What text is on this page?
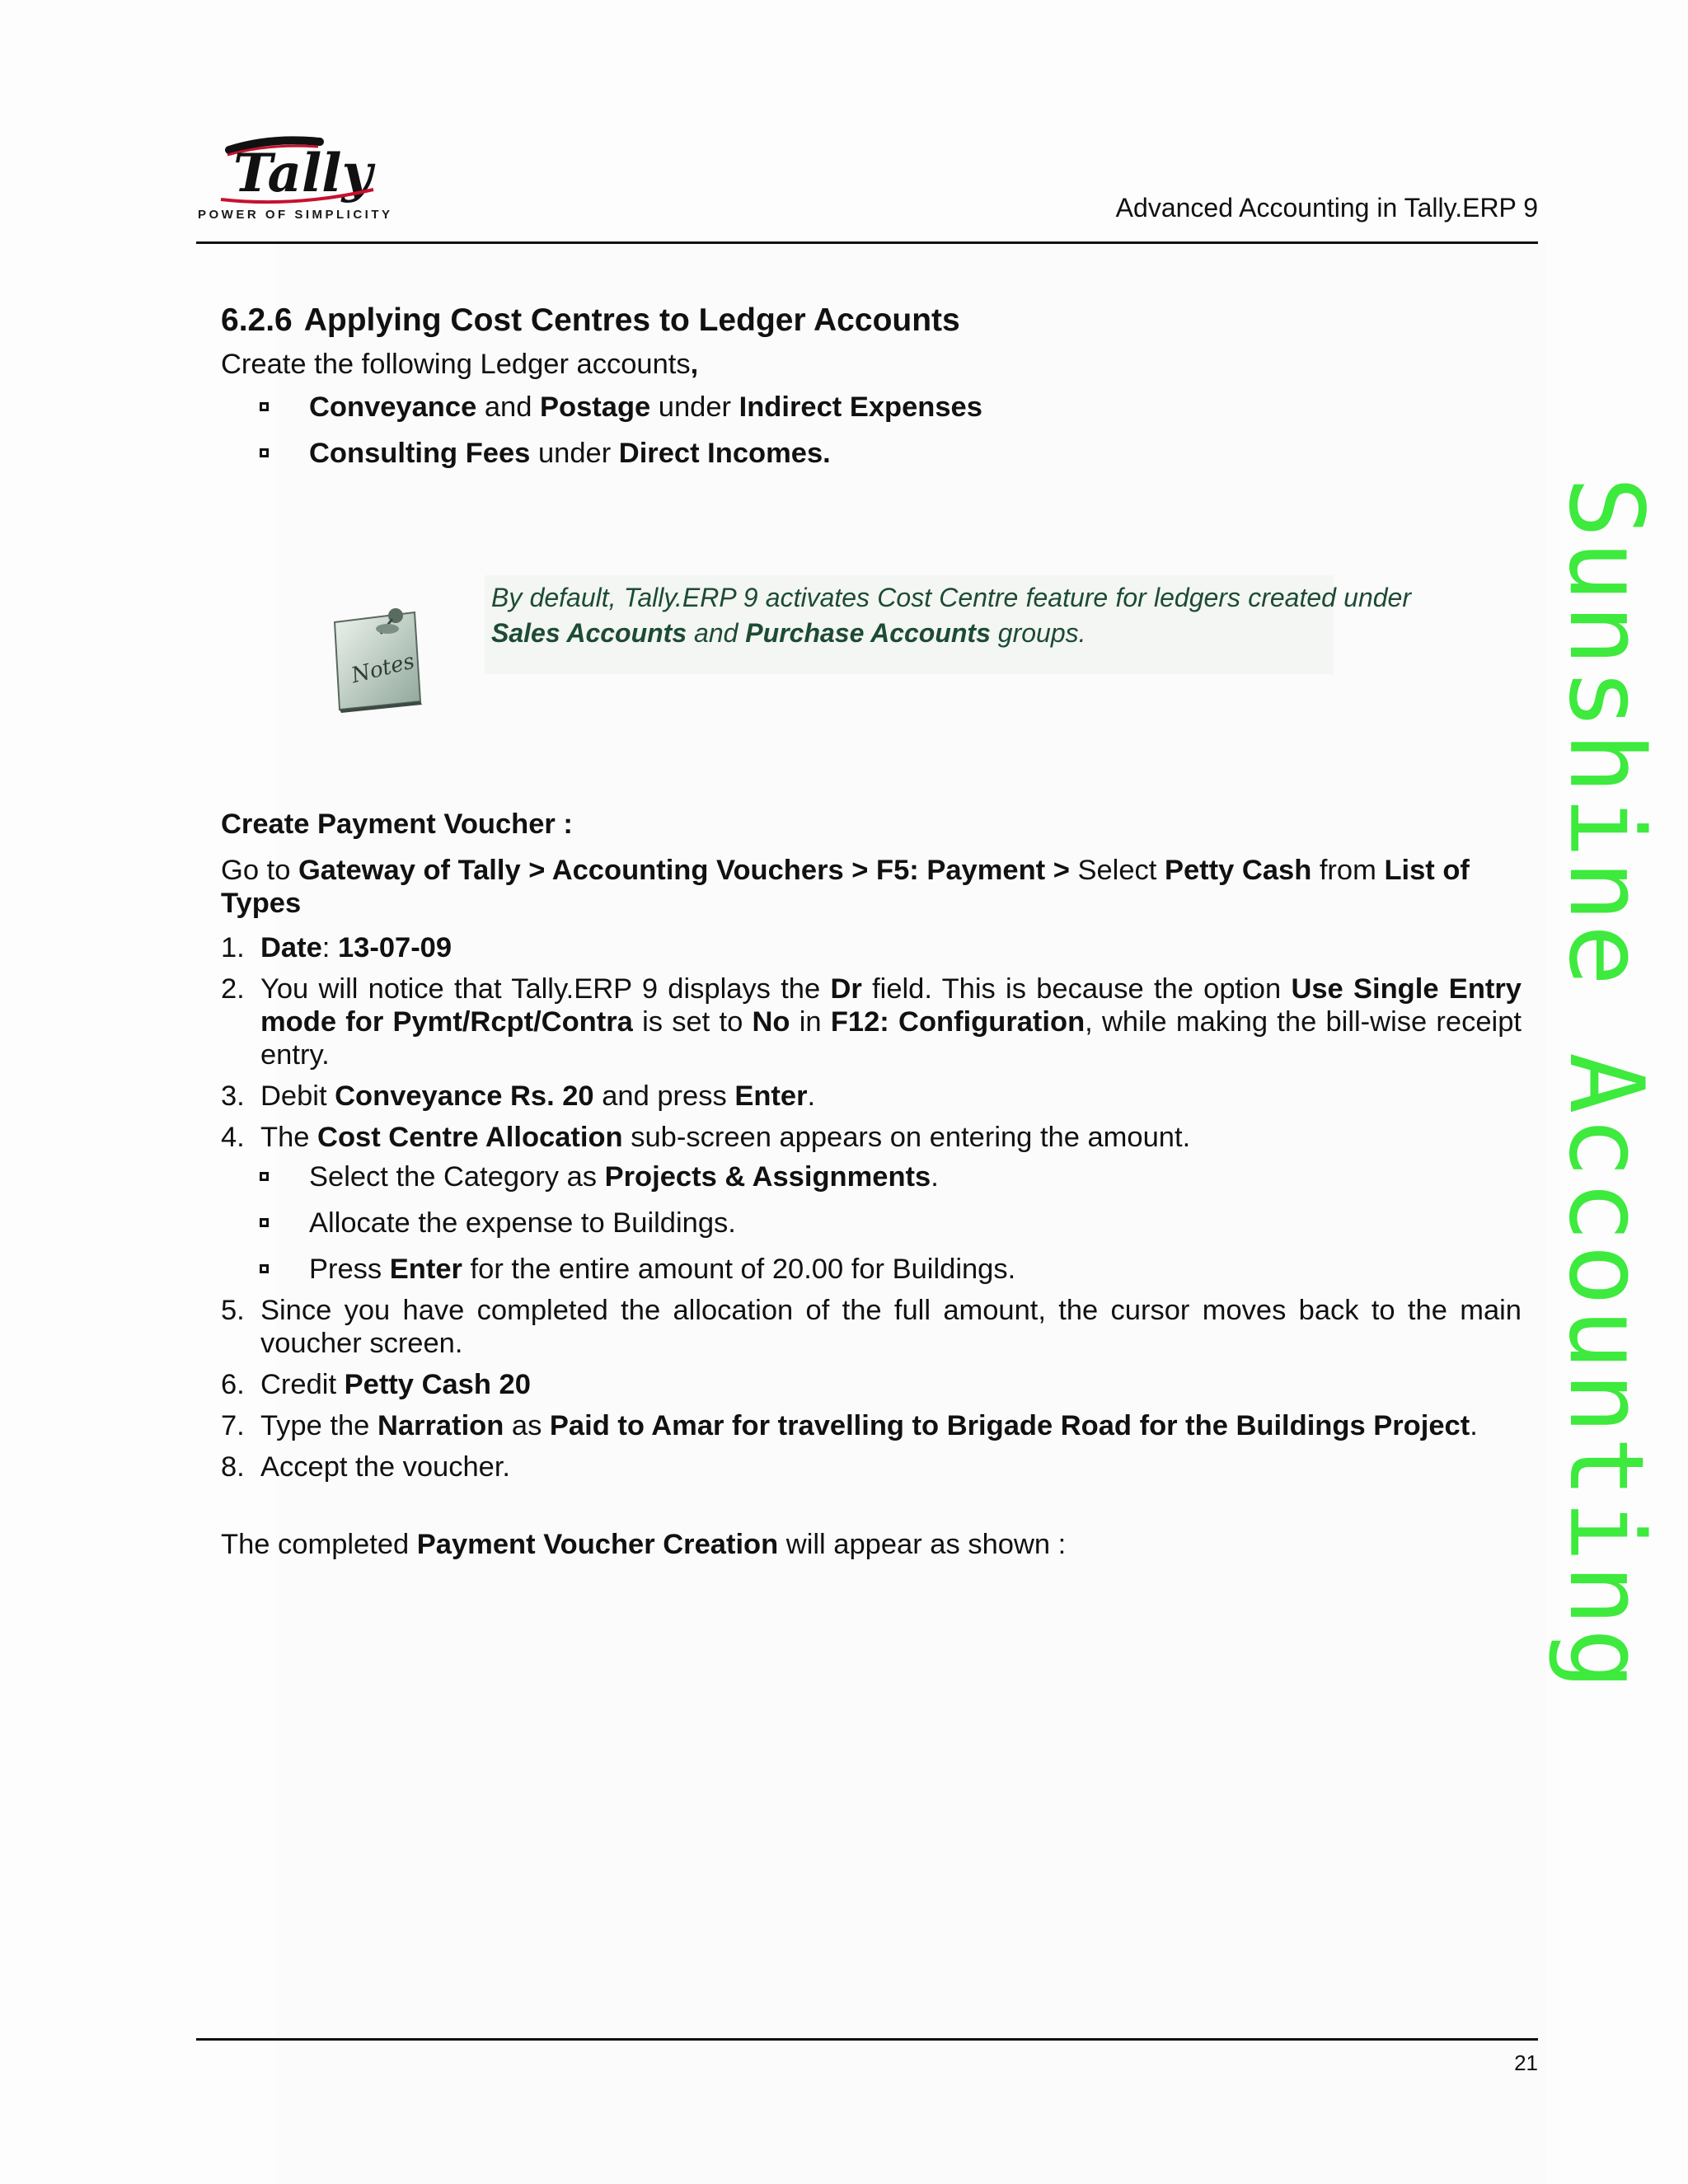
Tally
POWER OF SIMPLICITY	Advanced Accounting in Tally.ERP 9
6.2.6 Applying Cost Centres to Ledger Accounts

Create the following Ledger accounts,

Conveyance and Postage under Indirect Expenses
Consulting Fees under Direct Incomes.
Notes

By default, Tally.ERP 9 activates Cost Centre feature for ledgers created under Sales Accounts and Purchase Accounts groups.

Create Payment Voucher :

Go to Gateway of Tally > Accounting Vouchers > F5: Payment > Select Petty Cash from List of Types

1. Date: 13-07-09
2. You will notice that Tally.ERP 9 displays the Dr field. This is because the option Use Single Entry mode for Pymt/Rcpt/Contra is set to No in F12: Configuration, while making the bill-wise receipt entry.
3. Debit Conveyance Rs. 20 and press Enter.
4. The Cost Centre Allocation sub-screen appears on entering the amount.
Select the Category as Projects & Assignments.
Allocate the expense to Buildings.
Press Enter for the entire amount of 20.00 for Buildings.
5. Since you have completed the allocation of the full amount, the cursor moves back to the main voucher screen.
6. Credit Petty Cash 20
7. Type the Narration as Paid to Amar for travelling to Brigade Road for the Buildings Project.
8. Accept the voucher.

The completed Payment Voucher Creation will appear as shown :	Sunshine Accounting
21
